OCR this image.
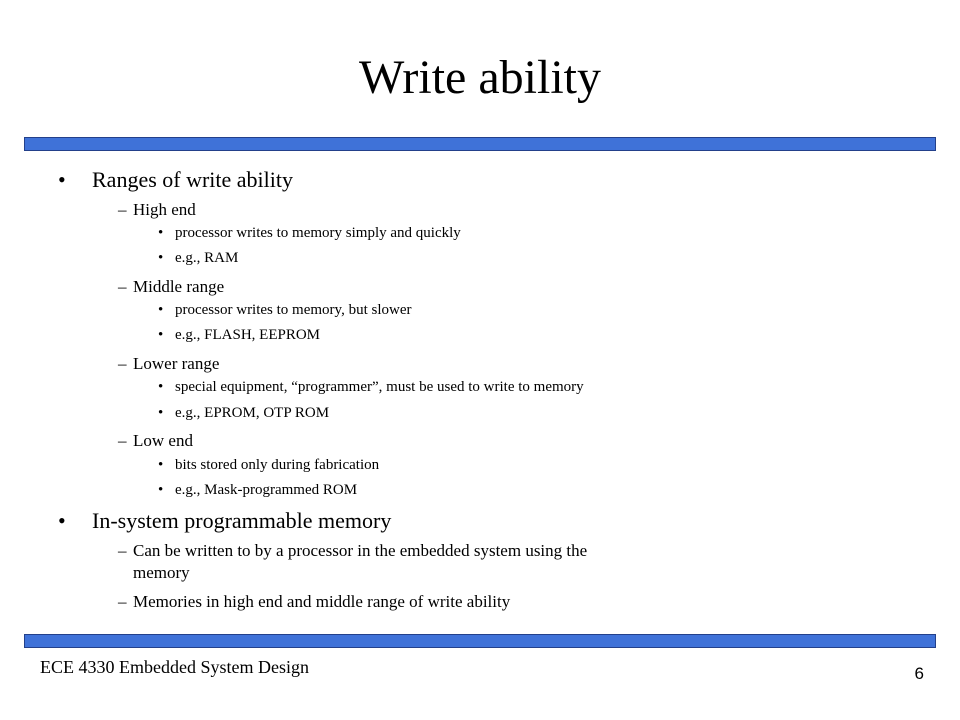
Write ability
• Ranges of write ability
– High end
• processor writes to memory simply and quickly
• e.g., RAM
– Middle range
• processor writes to memory, but slower
• e.g., FLASH, EEPROM
– Lower range
• special equipment, “programmer”, must be used to write to memory
• e.g., EPROM, OTP ROM
– Low end
• bits stored only during fabrication
• e.g., Mask-programmed ROM
• In-system programmable memory
– Can be written to by a processor in the embedded system using the
memory
– Memories in high end and middle range of write ability
ECE 4330 Embedded System Design	6
